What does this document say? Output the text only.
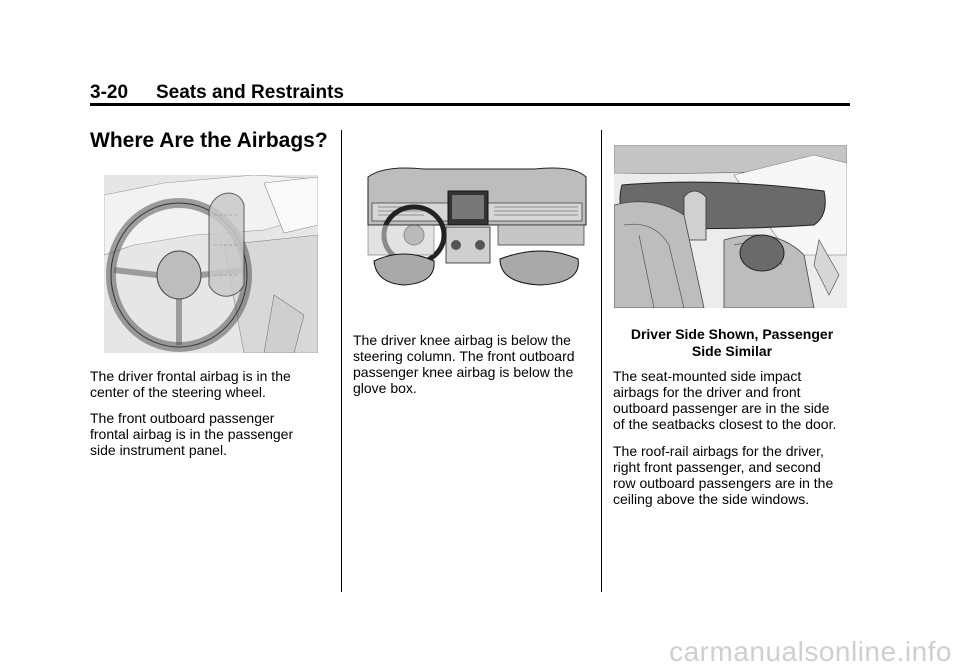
3-20 Seats and Restraints
Where Are the Airbags?
The driver frontal airbag is in the
center of the steering wheel.
The front outboard passenger
frontal airbag is in the passenger
side instrument panel.
The driver knee airbag is below the
steering column. The front outboard
passenger knee airbag is below the
glove box.
Driver Side Shown, Passenger
Side Similar
The seat-mounted side impact
airbags for the driver and front
outboard passenger are in the side
of the seatbacks closest to the door.
The roof-rail airbags for the driver,
right front passenger, and second
row outboard passengers are in the
ceiling above the side windows.
carmanualsonline.info
